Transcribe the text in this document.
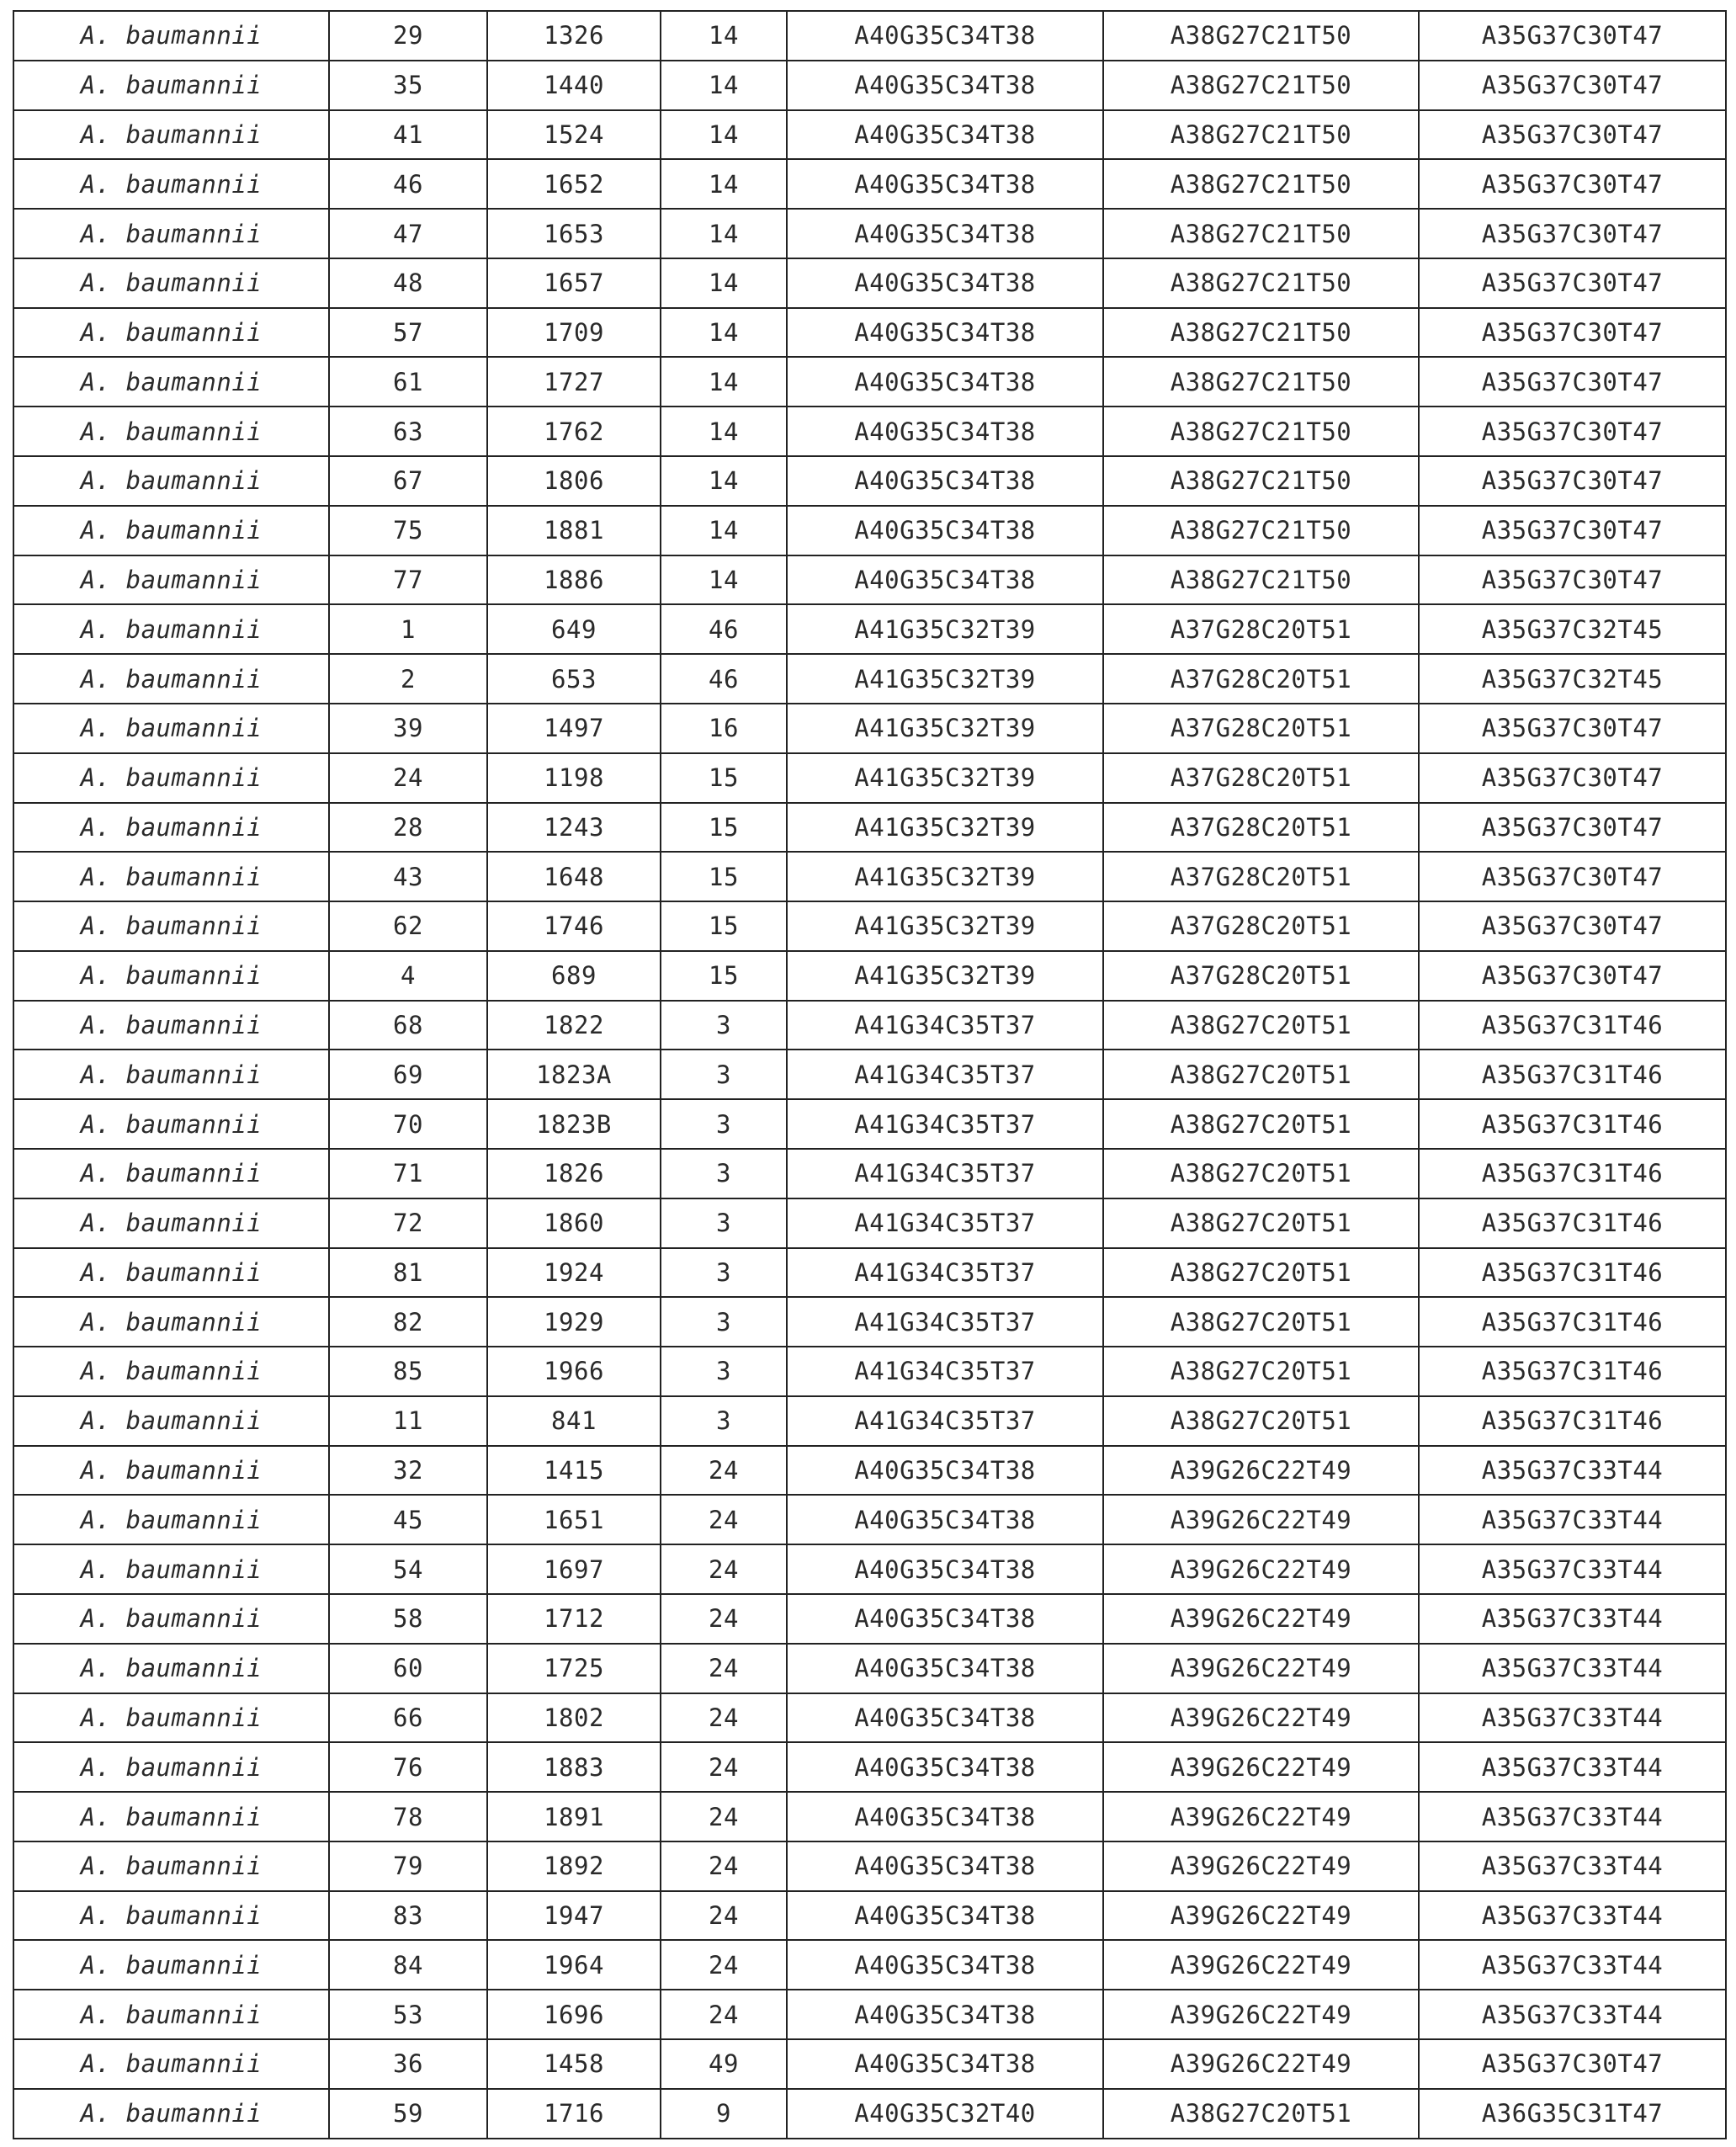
A. baumannii	29	1326	14	A40G35C34T38	A38G27C21T50	A35G37C30T47
A. baumannii	35	1440	14	A40G35C34T38	A38G27C21T50	A35G37C30T47
A. baumannii	41	1524	14	A40G35C34T38	A38G27C21T50	A35G37C30T47
A. baumannii	46	1652	14	A40G35C34T38	A38G27C21T50	A35G37C30T47
A. baumannii	47	1653	14	A40G35C34T38	A38G27C21T50	A35G37C30T47
A. baumannii	48	1657	14	A40G35C34T38	A38G27C21T50	A35G37C30T47
A. baumannii	57	1709	14	A40G35C34T38	A38G27C21T50	A35G37C30T47
A. baumannii	61	1727	14	A40G35C34T38	A38G27C21T50	A35G37C30T47
A. baumannii	63	1762	14	A40G35C34T38	A38G27C21T50	A35G37C30T47
A. baumannii	67	1806	14	A40G35C34T38	A38G27C21T50	A35G37C30T47
A. baumannii	75	1881	14	A40G35C34T38	A38G27C21T50	A35G37C30T47
A. baumannii	77	1886	14	A40G35C34T38	A38G27C21T50	A35G37C30T47
A. baumannii	1	649	46	A41G35C32T39	A37G28C20T51	A35G37C32T45
A. baumannii	2	653	46	A41G35C32T39	A37G28C20T51	A35G37C32T45
A. baumannii	39	1497	16	A41G35C32T39	A37G28C20T51	A35G37C30T47
A. baumannii	24	1198	15	A41G35C32T39	A37G28C20T51	A35G37C30T47
A. baumannii	28	1243	15	A41G35C32T39	A37G28C20T51	A35G37C30T47
A. baumannii	43	1648	15	A41G35C32T39	A37G28C20T51	A35G37C30T47
A. baumannii	62	1746	15	A41G35C32T39	A37G28C20T51	A35G37C30T47
A. baumannii	4	689	15	A41G35C32T39	A37G28C20T51	A35G37C30T47
A. baumannii	68	1822	3	A41G34C35T37	A38G27C20T51	A35G37C31T46
A. baumannii	69	1823A	3	A41G34C35T37	A38G27C20T51	A35G37C31T46
A. baumannii	70	1823B	3	A41G34C35T37	A38G27C20T51	A35G37C31T46
A. baumannii	71	1826	3	A41G34C35T37	A38G27C20T51	A35G37C31T46
A. baumannii	72	1860	3	A41G34C35T37	A38G27C20T51	A35G37C31T46
A. baumannii	81	1924	3	A41G34C35T37	A38G27C20T51	A35G37C31T46
A. baumannii	82	1929	3	A41G34C35T37	A38G27C20T51	A35G37C31T46
A. baumannii	85	1966	3	A41G34C35T37	A38G27C20T51	A35G37C31T46
A. baumannii	11	841	3	A41G34C35T37	A38G27C20T51	A35G37C31T46
A. baumannii	32	1415	24	A40G35C34T38	A39G26C22T49	A35G37C33T44
A. baumannii	45	1651	24	A40G35C34T38	A39G26C22T49	A35G37C33T44
A. baumannii	54	1697	24	A40G35C34T38	A39G26C22T49	A35G37C33T44
A. baumannii	58	1712	24	A40G35C34T38	A39G26C22T49	A35G37C33T44
A. baumannii	60	1725	24	A40G35C34T38	A39G26C22T49	A35G37C33T44
A. baumannii	66	1802	24	A40G35C34T38	A39G26C22T49	A35G37C33T44
A. baumannii	76	1883	24	A40G35C34T38	A39G26C22T49	A35G37C33T44
A. baumannii	78	1891	24	A40G35C34T38	A39G26C22T49	A35G37C33T44
A. baumannii	79	1892	24	A40G35C34T38	A39G26C22T49	A35G37C33T44
A. baumannii	83	1947	24	A40G35C34T38	A39G26C22T49	A35G37C33T44
A. baumannii	84	1964	24	A40G35C34T38	A39G26C22T49	A35G37C33T44
A. baumannii	53	1696	24	A40G35C34T38	A39G26C22T49	A35G37C33T44
A. baumannii	36	1458	49	A40G35C34T38	A39G26C22T49	A35G37C30T47
A. baumannii	59	1716	9	A40G35C32T40	A38G27C20T51	A36G35C31T47
